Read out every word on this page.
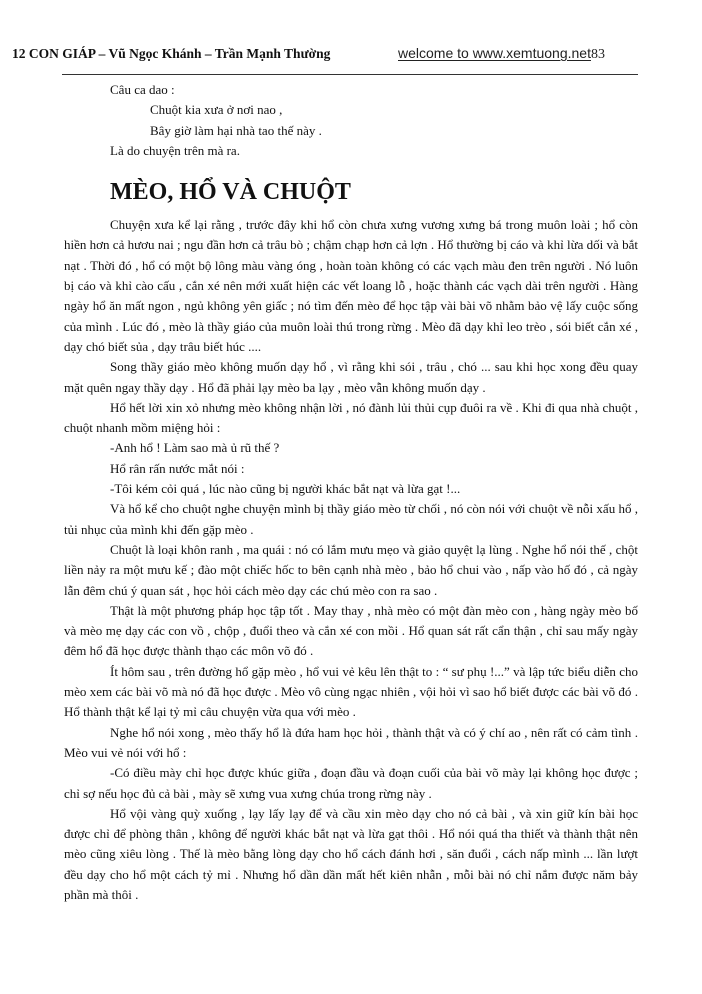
12 CON GIÁP – Vũ Ngọc Khánh – Trần Mạnh Thường	welcome to www.xemtuong.net83

Câu ca dao :

Chuột kia xưa ở nơi nao ,

Bây giờ làm hại nhà tao thế này .

Là do chuyện trên mà ra.

MÈO, HỔ VÀ CHUỘT

Chuyện xưa kể lại rằng , trước đây khi hổ còn chưa xưng vương xưng bá trong muôn loài ; hổ còn hiền hơn cả hươu nai ; ngu đần hơn cả trâu bò ; chậm chạp hơn cả lợn . Hổ thường bị cáo và khỉ lừa dối và bắt nạt . Thời đó , hổ có một bộ lông màu vàng óng , hoàn toàn không có các vạch màu đen trên người . Nó luôn bị cáo và khỉ cào cấu , cắn xé nên mới xuất hiện các vết loang lỗ , hoặc thành các vạch dài trên người . Hàng ngày hổ ăn mất ngon , ngủ không yên giấc ; nó tìm đến mèo để học tập vài bài võ nhằm bảo vệ lấy cuộc sống của mình . Lúc đó , mèo là thầy giáo của muôn loài thú trong rừng . Mèo đã dạy khỉ leo trèo , sói biết cắn xé , dạy chó biết sủa , dạy trâu biết húc ....

Song thầy giáo mèo không muốn dạy hổ , vì rằng khi sói , trâu , chó ... sau khi học xong đều quay mặt quên ngay thầy dạy . Hổ đã phải lạy mèo ba lạy , mèo vẫn không muốn dạy .

Hổ hết lời xin xỏ nhưng mèo không nhận lời , nó đành lủi thủi cụp đuôi ra về . Khi đi qua nhà chuột , chuột nhanh mồm miệng hỏi :

-Anh hổ ! Làm sao mà ủ rũ thế ?

Hổ rân rấn nước mắt nói :

-Tôi kém cỏi quá , lúc nào cũng bị người khác bắt nạt và lừa gạt !...

Và hổ kể cho chuột nghe chuyện mình bị thầy giáo mèo từ chối , nó còn nói với chuột về nỗi xấu hổ , tủi nhục của mình khi đến gặp mèo .

Chuột là loại khôn ranh , ma quái : nó có lắm mưu mẹo và giảo quyệt lạ lùng . Nghe hổ nói thế , chột liền nảy ra một mưu kế ; đào một chiếc hốc to bên cạnh nhà mèo , bảo hổ chui vào , nấp vào hố đó , cả ngày lẫn đêm chú ý quan sát , học hỏi cách mèo dạy các chú mèo con ra sao .

Thật là một phương pháp học tập tốt . May thay , nhà mèo có một đàn mèo con , hàng ngày mèo bố và mèo mẹ dạy các con vồ , chộp , đuổi theo và cắn xé con mồi . Hổ quan sát rất cẩn thận , chỉ sau mấy ngày đêm hổ đã học được thành thạo các môn võ đó .

Ít hôm sau , trên đường hổ gặp mèo , hổ vui vẻ kêu lên thật to : “ sư phụ !...” và lập tức biểu diễn cho mèo xem các bài võ mà nó đã học được . Mèo vô cùng ngạc nhiên , vội hỏi vì sao hổ biết được các bài võ đó . Hổ thành thật kể lại tỷ mỉ câu chuyện vừa qua với mèo .

Nghe hổ nói xong , mèo thấy hổ là đứa ham học hỏi , thành thật và có ý chí ao , nên rất có cảm tình . Mèo vui vẻ nói với hổ :

-Có điều mày chỉ học được khúc giữa , đoạn đầu và đoạn cuối của bài võ mày lại không học được ; chỉ sợ nếu học đủ cả bài , mày sẽ xưng vua xưng chúa trong rừng này .

Hổ vội vàng quỳ xuống , lạy lấy lạy để và cầu xin mèo dạy cho nó cả bài , và xin giữ kín bài học được chỉ để phòng thân , không để người khác bắt nạt và lừa gạt thôi . Hổ nói quá tha thiết và thành thật nên mèo cũng xiêu lòng . Thế là mèo bằng lòng dạy cho hổ cách đánh hơi , săn đuổi , cách nấp mình ... lần lượt đều dạy cho hổ một cách tỷ mỉ . Nhưng hổ dần dần mất hết kiên nhẫn , mỗi bài nó chỉ nắm được năm bảy phần mà thôi .
